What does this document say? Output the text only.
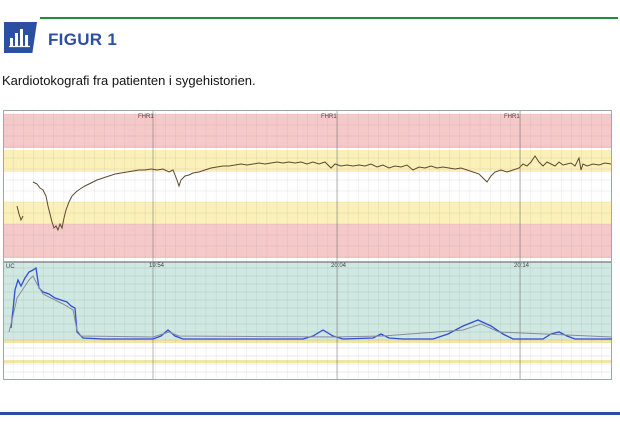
FIGUR 1
Kardiotokografi fra patienten i sygehistorien.
FHR1	FHR1	FHR1
19:54	20:04	20:14
UC
